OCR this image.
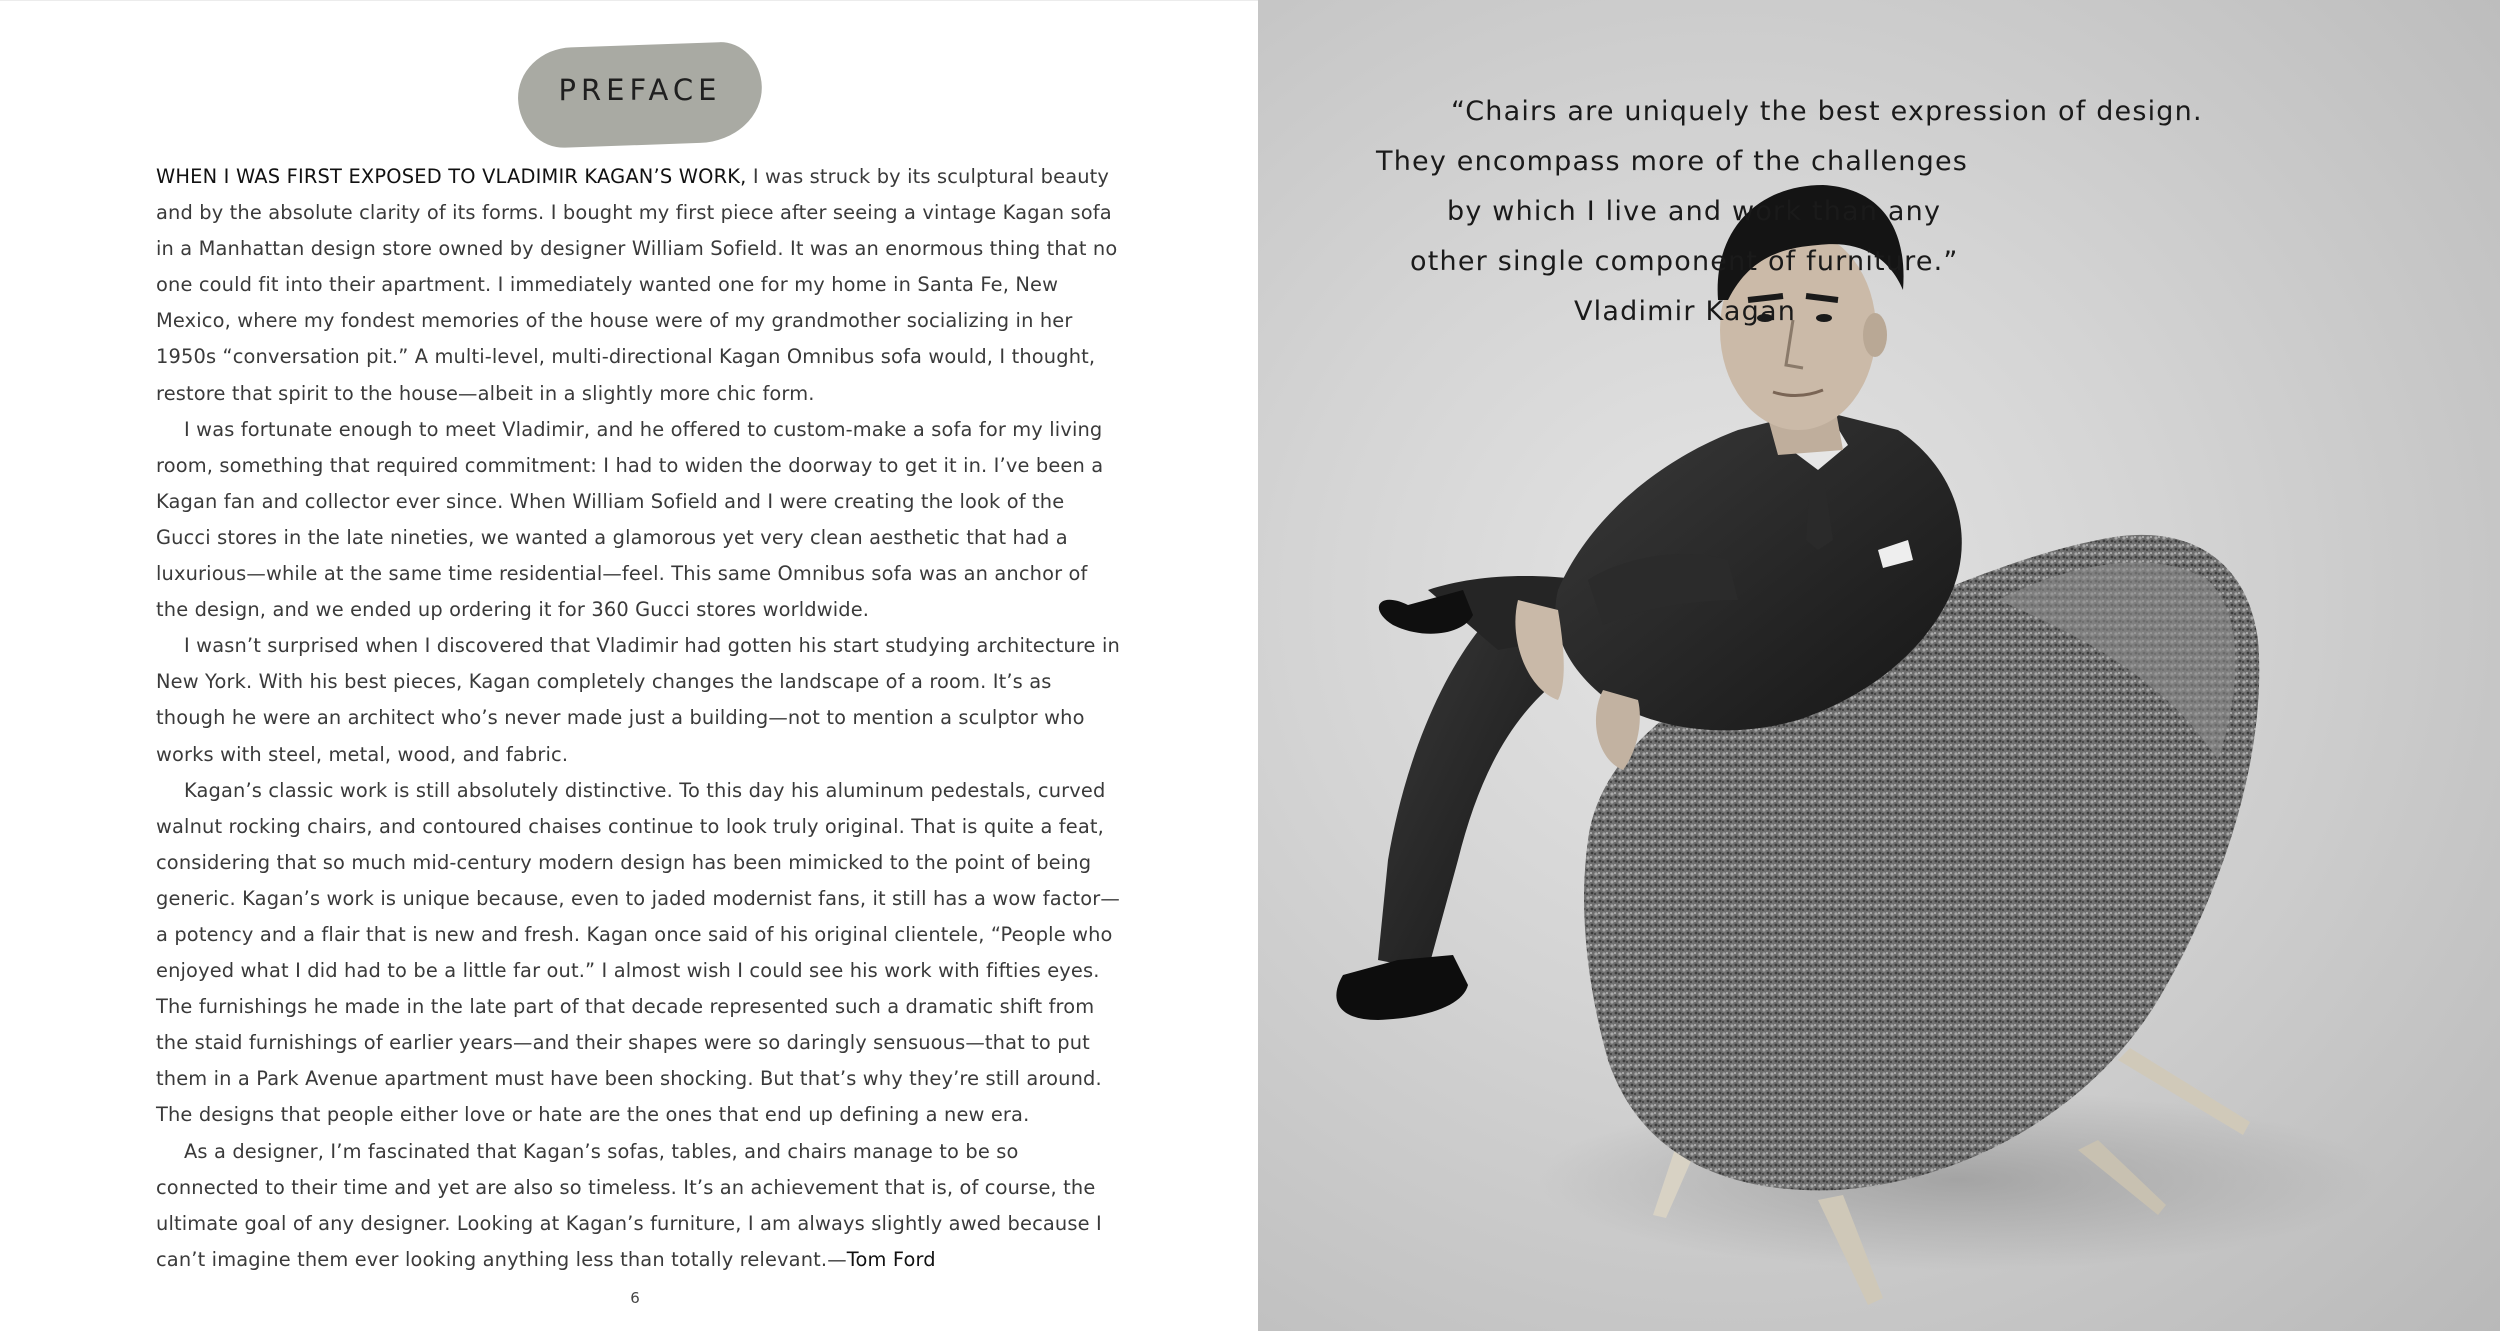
PREFACE

WHEN I WAS FIRST EXPOSED TO VLADIMIR KAGAN’S WORK, I was struck by its sculptural beauty and by the absolute clarity of its forms. I bought my first piece after seeing a vintage Kagan sofa in a Manhattan design store owned by designer William Sofield. It was an enormous thing that no one could fit into their apartment. I immediately wanted one for my home in Santa Fe, New Mexico, where my fondest memories of the house were of my grandmother socializing in her 1950s “conversation pit.” A multi-level, multi-directional Kagan Omnibus sofa would, I thought, restore that spirit to the house—albeit in a slightly more chic form.

I was fortunate enough to meet Vladimir, and he offered to custom-make a sofa for my living room, something that required commitment: I had to widen the doorway to get it in. I’ve been a Kagan fan and collector ever since. When William Sofield and I were creating the look of the Gucci stores in the late nineties, we wanted a glamorous yet very clean aesthetic that had a luxurious—while at the same time residential—feel. This same Omnibus sofa was an anchor of the design, and we ended up ordering it for 360 Gucci stores worldwide.

I wasn’t surprised when I discovered that Vladimir had gotten his start studying architecture in New York. With his best pieces, Kagan completely changes the landscape of a room. It’s as though he were an architect who’s never made just a building—not to mention a sculptor who works with steel, metal, wood, and fabric.

Kagan’s classic work is still absolutely distinctive. To this day his aluminum pedestals, curved walnut rocking chairs, and contoured chaises continue to look truly original. That is quite a feat, considering that so much mid-century modern design has been mimicked to the point of being generic. Kagan’s work is unique because, even to jaded modernist fans, it still has a wow factor—a potency and a flair that is new and fresh. Kagan once said of his original clientele, “People who enjoyed what I did had to be a little far out.” I almost wish I could see his work with fifties eyes. The furnishings he made in the late part of that decade represented such a dramatic shift from the staid furnishings of earlier years—and their shapes were so daringly sensuous—that to put them in a Park Avenue apartment must have been shocking. But that’s why they’re still around. The designs that people either love or hate are the ones that end up defining a new era.

As a designer, I’m fascinated that Kagan’s sofas, tables, and chairs manage to be so connected to their time and yet are also so timeless. It’s an achievement that is, of course, the ultimate goal of any designer. Looking at Kagan’s furniture, I am always slightly awed because I can’t imagine them ever looking anything less than totally relevant.—Tom Ford

6
“Chairs are uniquely the best expression of design.
They encompass more of the challenges
by which I live and work than any
other single component of furniture.”
Vladimir Kagan
